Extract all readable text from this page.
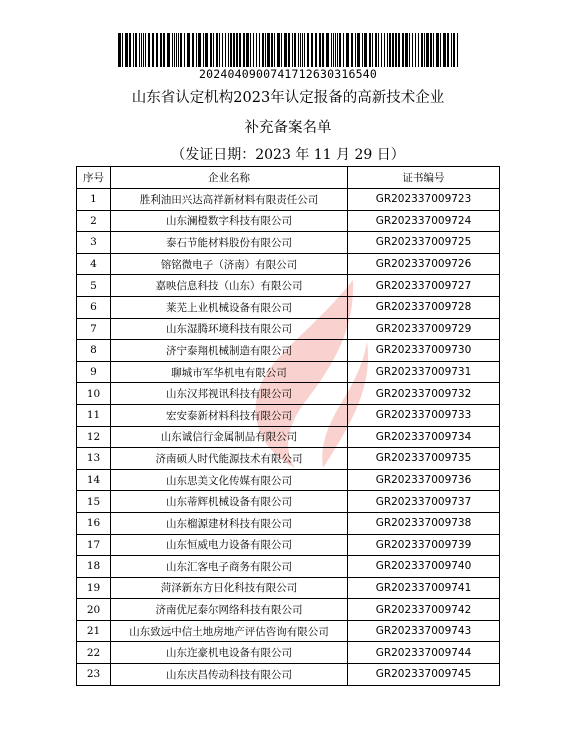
20240409007417126303165​40
山东省认定机构2023年认定报备的高新技术企业
补充备案名单
（发证日期：2023 年 11 月 29 日）
序号	企业名称	证书编号
1	胜利油田兴达高祥新材料有限责任公司	GR202337009723
2	山东澜橙数字科技有限公司	GR202337009724
3	泰石节能材料股份有限公司	GR202337009725
4	镕铭微电子（济南）有限公司	GR202337009726
5	嘉映信息科技（山东）有限公司	GR202337009727
6	莱芜上业机械设备有限公司	GR202337009728
7	山东湿腾环境科技有限公司	GR202337009729
8	济宁泰翔机械制造有限公司	GR202337009730
9	聊城市军华机电有限公司	GR202337009731
10	山东汉邦视讯科技有限公司	GR202337009732
11	宏安泰新材料科技有限公司	GR202337009733
12	山东诚信行金属制品有限公司	GR202337009734
13	济南硕人时代能源技术有限公司	GR202337009735
14	山东思美文化传媒有限公司	GR202337009736
15	山东蒂辉机械设备有限公司	GR202337009737
16	山东榴源建材科技有限公司	GR202337009738
17	山东恒威电力设备有限公司	GR202337009739
18	山东汇客电子商务有限公司	GR202337009740
19	菏泽新东方日化科技有限公司	GR202337009741
20	济南优尼泰尔网络科技有限公司	GR202337009742
21	山东致远中信土地房地产评估咨询有限公司	GR202337009743
22	山东迮豪机电设备有限公司	GR202337009744
23	山东庆昌传动科技有限公司	GR202337009745
